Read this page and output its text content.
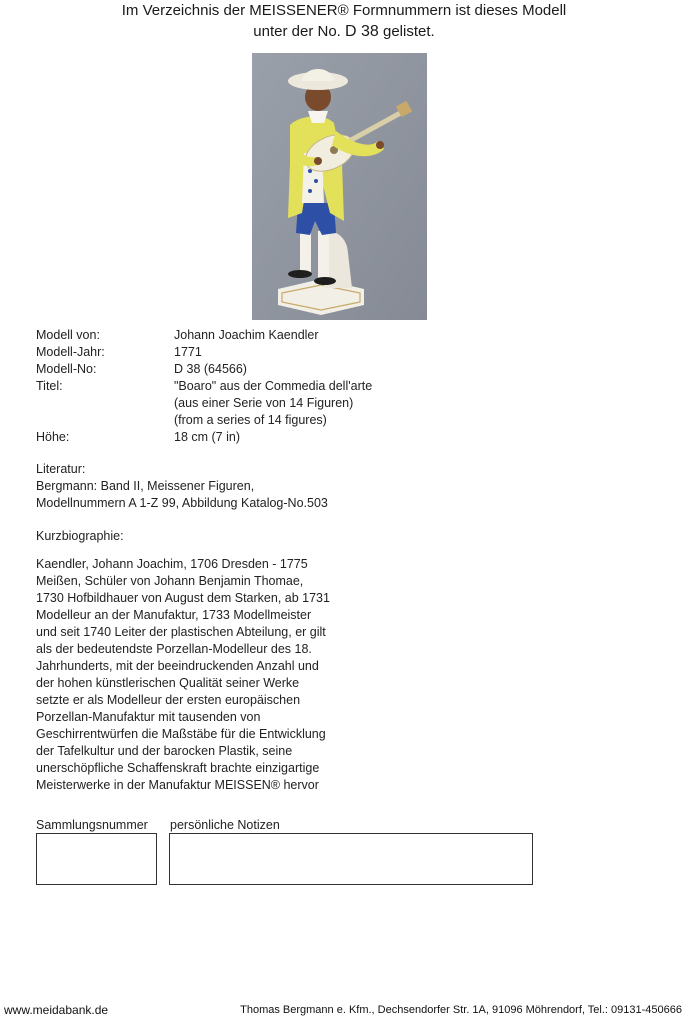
Im Verzeichnis der MEISSENER® Formnummern ist dieses Modell
unter der No. D 38 gelistet.
Modell von:	Johann Joachim Kaendler
Modell-Jahr:	1771
Modell-No:	D 38 (64566)
Titel:	"Boaro" aus der Commedia dell'arte
(aus einer Serie von 14 Figuren)
(from a series of 14 figures)
Höhe:	18 cm (7 in)
Literatur:
Bergmann: Band II, Meissener Figuren,
Modellnummern A 1-Z 99, Abbildung Katalog-No.503
Kurzbiographie:
Kaendler, Johann Joachim, 1706 Dresden - 1775
Meißen, Schüler von Johann Benjamin Thomae,
1730 Hofbildhauer von August dem Starken, ab 1731
Modelleur an der Manufaktur, 1733 Modellmeister
und seit 1740 Leiter der plastischen Abteilung, er gilt
als der bedeutendste Porzellan-Modelleur des 18.
Jahrhunderts, mit der beeindruckenden Anzahl und
der hohen künstlerischen Qualität seiner Werke
setzte er als Modelleur der ersten europäischen
Porzellan-Manufaktur mit tausenden von
Geschirrentwürfen die Maßstäbe für die Entwicklung
der Tafelkultur und der barocken Plastik, seine
unerschöpfliche Schaffenskraft brachte einzigartige
Meisterwerke in der Manufaktur MEISSEN® hervor
Sammlungsnummer persönliche Notizen
www.meidabank.de	Thomas Bergmann e. Kfm., Dechsendorfer Str. 1A, 91096 Möhrendorf, Tel.: 09131-450666
